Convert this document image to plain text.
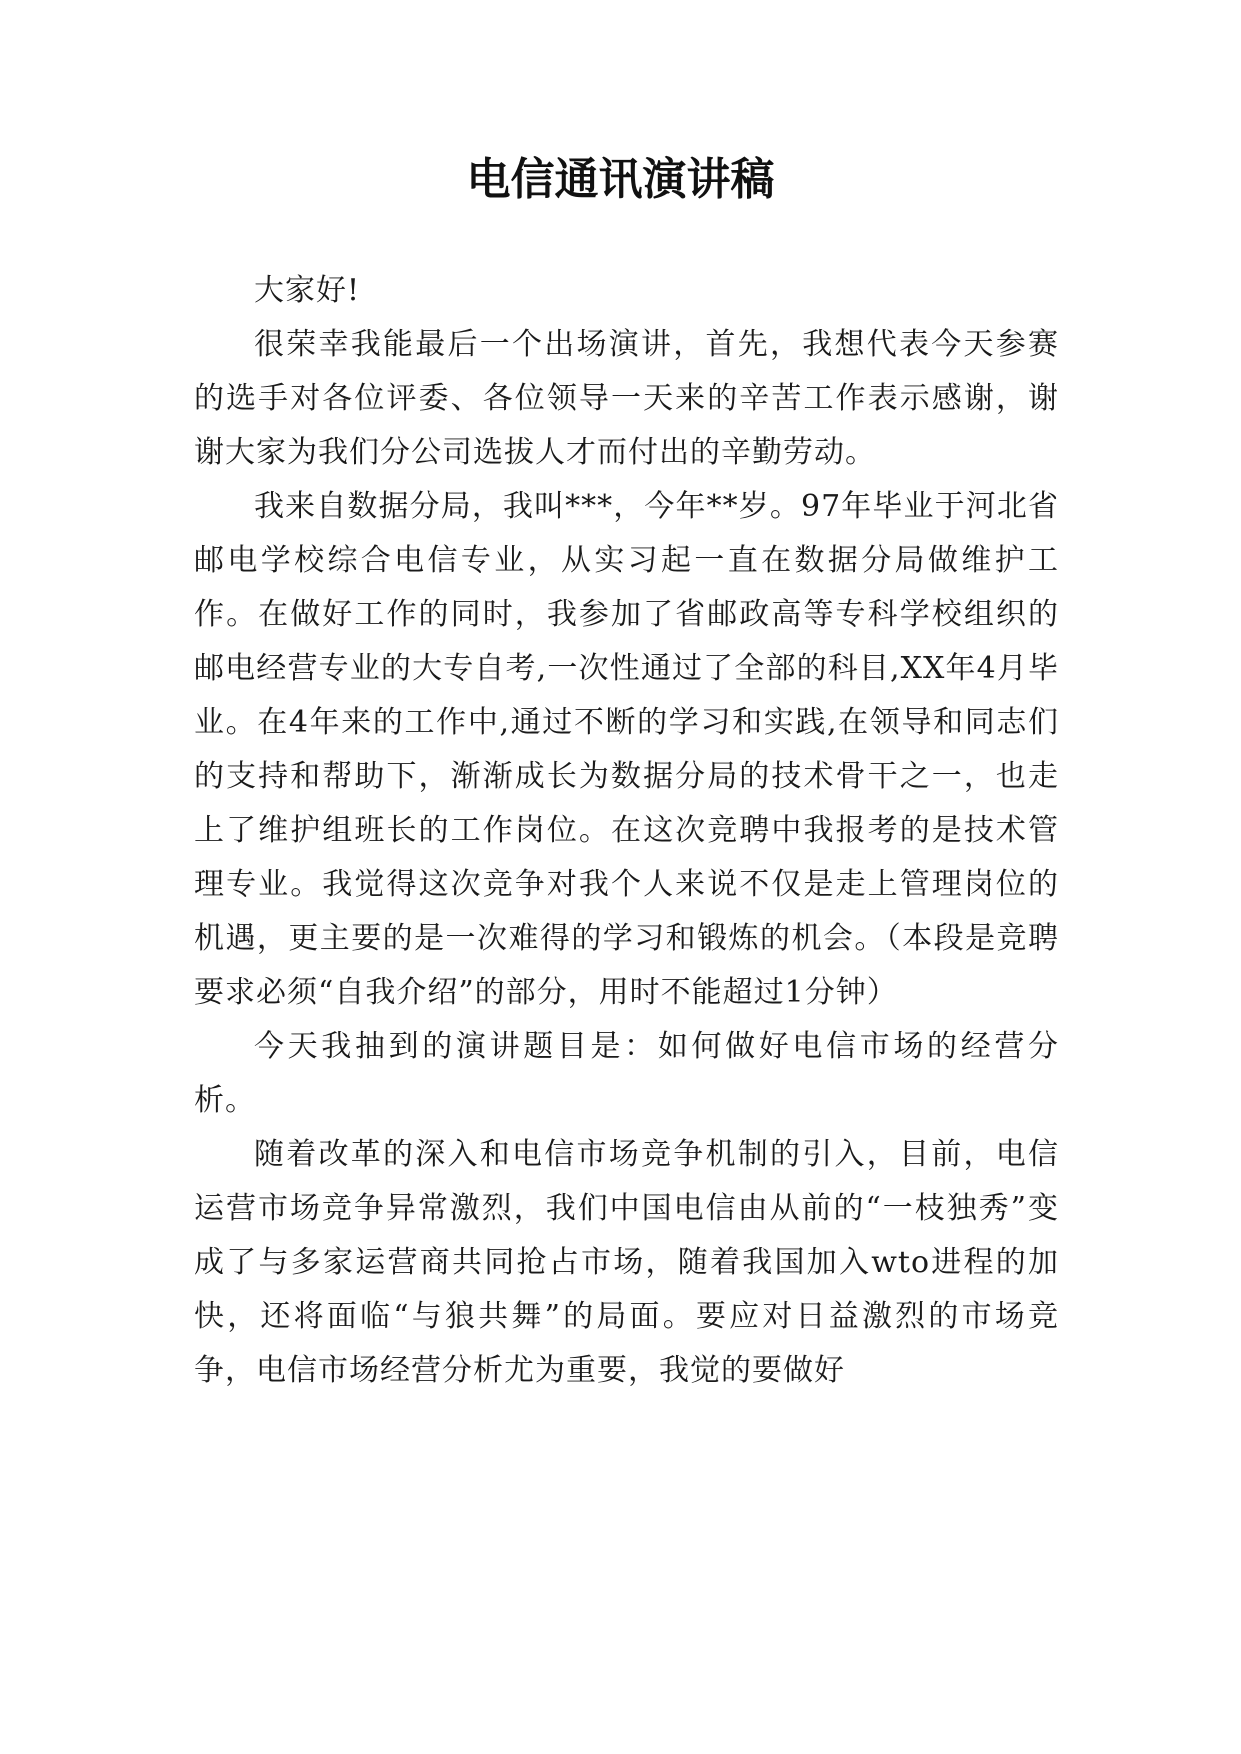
电信通讯演讲稿

大家好!

很荣幸我能最后一个出场演讲，首先，我想代表今天参赛的选手对各位评委、各位领导一天来的辛苦工作表示感谢，谢谢大家为我们分公司选拔人才而付出的辛勤劳动。

我来自数据分局，我叫***，今年**岁。97年毕业于河北省邮电学校综合电信专业，从实习起一直在数据分局做维护工作。在做好工作的同时，我参加了省邮政高等专科学校组织的邮电经营专业的大专自考,一次性通过了全部的科目,XX年4月毕业。在4年来的工作中,通过不断的学习和实践,在领导和同志们的支持和帮助下，渐渐成长为数据分局的技术骨干之一，也走上了维护组班长的工作岗位。在这次竞聘中我报考的是技术管理专业。我觉得这次竞争对我个人来说不仅是走上管理岗位的机遇，更主要的是一次难得的学习和锻炼的机会。（本段是竞聘要求必须“自我介绍”的部分，用时不能超过1分钟）

今天我抽到的演讲题目是：如何做好电信市场的经营分析。

随着改革的深入和电信市场竞争机制的引入，目前，电信运营市场竞争异常激烈，我们中国电信由从前的“一枝独秀”变成了与多家运营商共同抢占市场，随着我国加入wto进程的加快，还将面临“与狼共舞”的局面。要应对日益激烈的市场竞争，电信市场经营分析尤为重要，我觉的要做好
